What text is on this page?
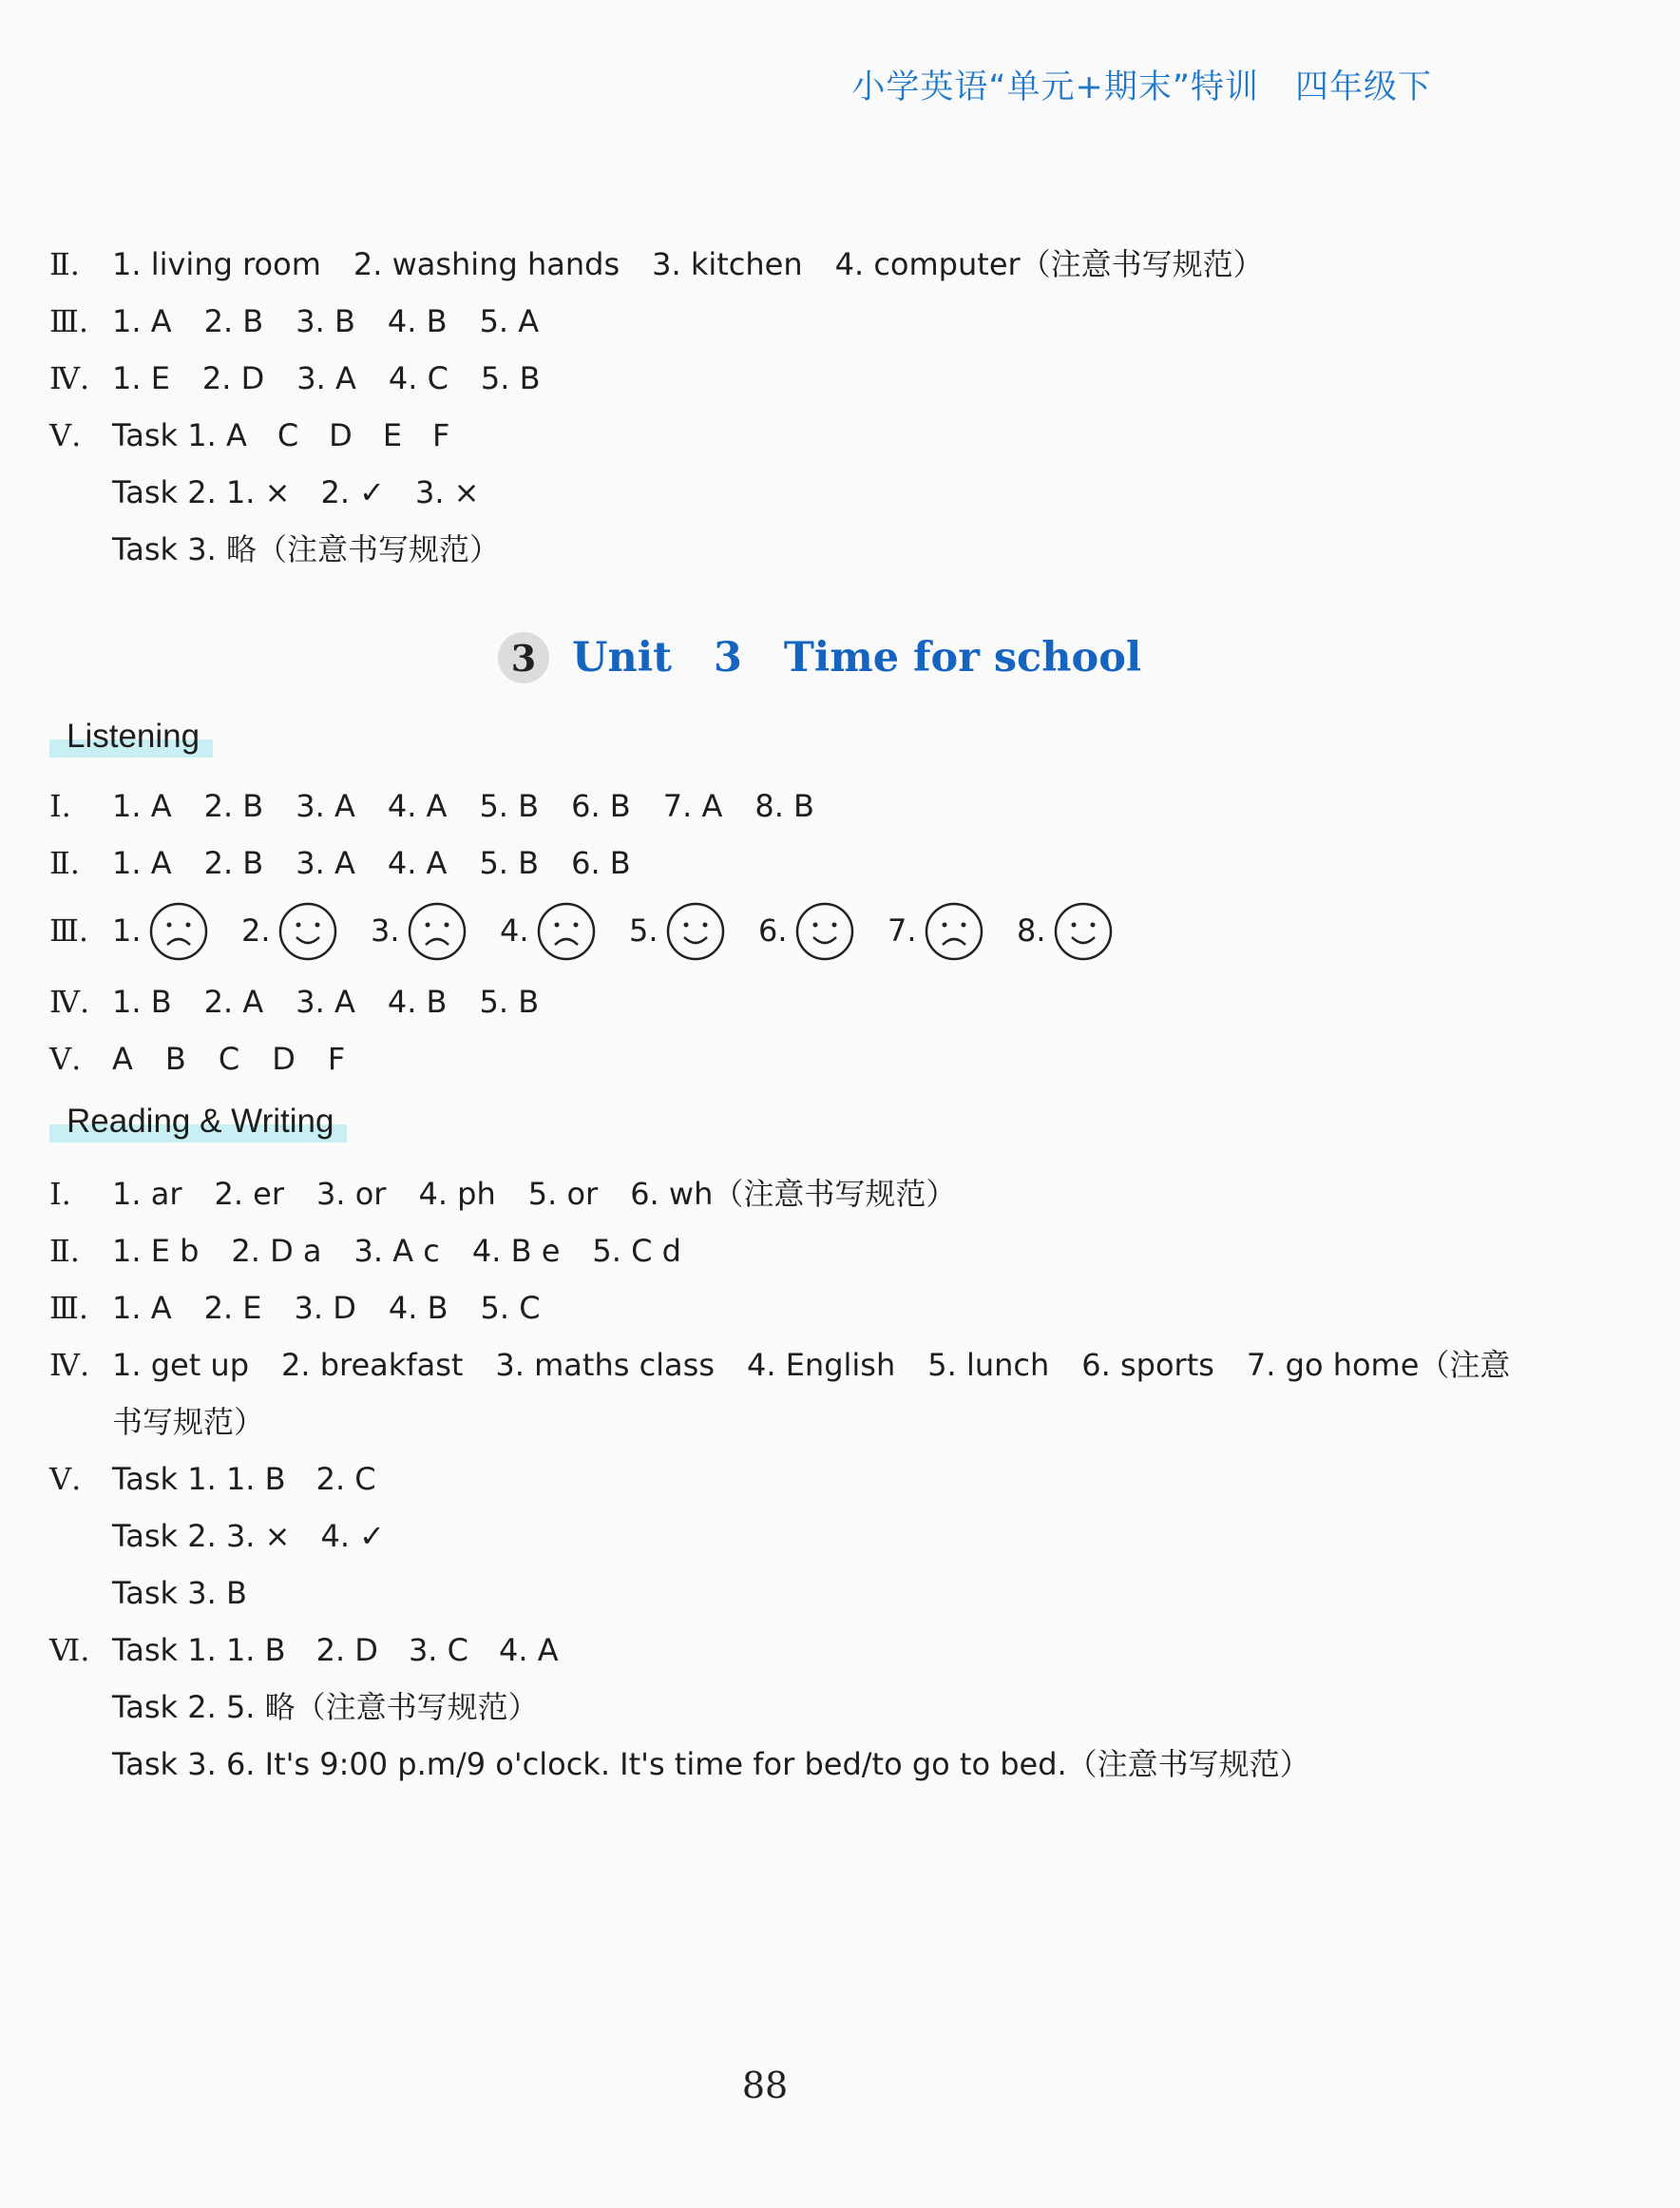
小学英语“单元+期末”特训 四年级下
Ⅱ. 1. living room 2. washing hands 3. kitchen 4. computer（注意书写规范）
Ⅲ. 1. A 2. B 3. B 4. B 5. A
Ⅳ. 1. E 2. D 3. A 4. C 5. B
Ⅴ. Task 1. A　C　D　E　F
Task 2. 1. ×　2. ✓　3. ×
Task 3. 略（注意书写规范）
3 Unit 3 Time for school
Listening
Ⅰ. 1. A 2. B 3. A 4. A 5. B 6. B 7. A 8. B
Ⅱ. 1. A 2. B 3. A 4. A 5. B 6. B
Ⅲ. 1.	2.	3.	4.	5.	6.	7.	8.
Ⅳ. 1. B 2. A 3. A 4. B 5. B
Ⅴ. A B C D F
Reading & Writing
Ⅰ. 1. ar 2. er 3. or 4. ph 5. or 6. wh（注意书写规范）
Ⅱ. 1. E b 2. D a 3. A c 4. B e 5. C d
Ⅲ. 1. A 2. E 3. D 4. B 5. C
Ⅳ. 1. get up 2. breakfast 3. maths class 4. English 5. lunch 6. sports 7. go home（注意
书写规范）
Ⅴ. Task 1. 1. B　2. C
Task 2. 3. ×　4. ✓
Task 3. B
Ⅵ. Task 1. 1. B　2. D　3. C　4. A
Task 2. 5. 略（注意书写规范）
Task 3. 6. It's 9:00 p.m/9 o'clock. It's time for bed/to go to bed.（注意书写规范）
88
